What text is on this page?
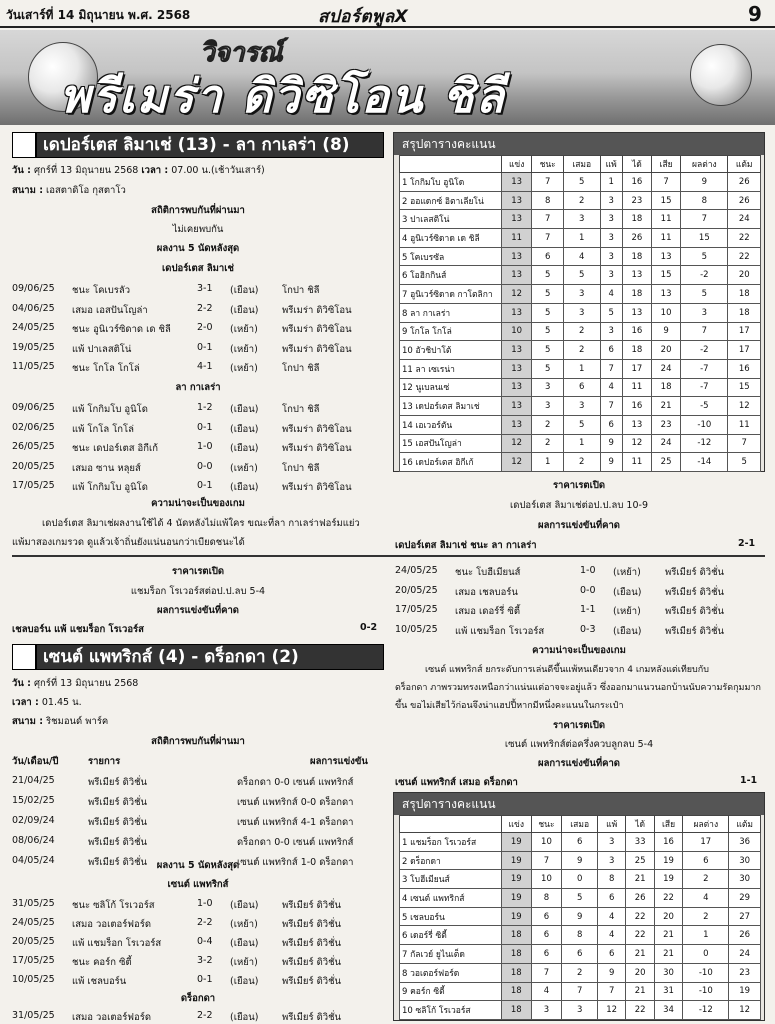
วันเสาร์ที่ 14 มิถุนายน พ.ศ. 2568	สปอร์ตพูลX	9
วิจารณ์
พรีเมร่า ดิวิซิโอน ชิลี
เดปอร์เตส ลิมาเช่ (13) - ลา กาเลร่า (8)
วัน : ศุกร์ที่ 13 มิถุนายน 2568 เวลา : 07.00 น.(เช้าวันเสาร์)
สนาม : เอสตาดิโอ กุสตาโว
สถิติการพบกันที่ผ่านมา
ไม่เคยพบกัน
ผลงาน 5 นัดหลังสุด
เดปอร์เตส ลิมาเช่
09/06/25 ชนะ โคเบรลัว	3-1 (เยือน) โกปา ชิลี
04/06/25 เสมอ เอสปันโญล่า	2-2 (เยือน) พรีเมร่า ดิวิซิโอน
24/05/25 ชนะ อูนิเวร์ซิดาด เด ชิลี	2-0 (เหย้า)	พรีเมร่า ดิวิซิโอน
19/05/25 แพ้ ปาเลสติโน่	0-1 (เหย้า)	พรีเมร่า ดิวิซิโอน
11/05/25 ชนะ โกโล โกโล่	4-1 (เหย้า)	โกปา ชิลี
ลา กาเลร่า
09/06/25 แพ้ โกกิมโบ อูนิโด	1-2 (เยือน) โกปา ชิลี
02/06/25 แพ้ โกโล โกโล่	0-1 (เยือน) พรีเมร่า ดิวิซิโอน
26/05/25 ชนะ เดปอร์เตส อิกีเก้	1-0 (เยือน) พรีเมร่า ดิวิซิโอน
20/05/25 เสมอ ซาน หลุยส์	0-0 (เหย้า)	โกปา ชิลี
17/05/25 แพ้ โกกิมโบ อูนิโด	0-1 (เยือน) พรีเมร่า ดิวิซิโอน
ความน่าจะเป็นของเกม
เดปอร์เตส ลิมาเช่ผลงานใช้ได้ 4 นัดหลังไม่แพ้ใคร ขณะที่ลา กาเลร่าฟอร์มแย่ว
แพ้มาสองเกมรวด ดูแล้วเจ้าถิ่นยังแน่นอนกว่าเบียดชนะได้
สรุปตารางคะแนน
	แข่ง	ชนะ	เสมอ	แพ้	ได้	เสีย	ผลต่าง	แต้ม
1 โกกิมโบ อูนิโด	13	7	5	1	16	7	9	26
2 ออแดกซ์ อิตาเลียโน่	13	8	2	3	23	15	8	26
3 ปาเลสติโน่	13	7	3	3	18	11	7	24
4 อูนิเวร์ซิดาด เด ชิลี	11	7	1	3	26	11	15	22
5 โคเบรซัล	13	6	4	3	18	13	5	22
6 โอฮิกกินส์	13	5	5	3	13	15	-2	20
7 อูนิเวร์ซิดาด กาโตลิกา	12	5	3	4	18	13	5	18
8 ลา กาเลร่า	13	5	3	5	13	10	3	18
9 โกโล โกโล่	10	5	2	3	16	9	7	17
10 อัวชิปาโต้	13	5	2	6	18	20	-2	17
11 ลา เซเรน่า	13	5	1	7	17	24	-7	16
12 นูเบลนเซ่	13	3	6	4	11	18	-7	15
13 เดปอร์เตส ลิมาเช่	13	3	3	7	16	21	-5	12
14 เอเวอร์ตัน	13	2	5	6	13	23	-10	11
15 เอสปันโญล่า	12	2	1	9	12	24	-12	7
16 เดปอร์เตส อิกีเก้	12	1	2	9	11	25	-14	5
ราคาเรตเปิด
เดปอร์เตส ลิมาเช่ต่อป.ป.ลบ 10-9
ผลการแข่งขันที่คาด
เดปอร์เตส ลิมาเช่ ชนะ ลา กาเลร่า	2-1
ราคาเรตเปิด
แชมร็อก โรเวอร์สต่อป.ป.ลบ 5-4
ผลการแข่งขันที่คาด
เชลบอร์น แพ้ แชมร็อก โรเวอร์ส	0-2
24/05/25 ชนะ โบฮีเมียนส์	1-0 (เหย้า)	พรีเมียร์ ดิวิชั่น
20/05/25 เสมอ เชลบอร์น	0-0 (เยือน) พรีเมียร์ ดิวิชั่น
17/05/25 เสมอ เดอร์รี่ ซิตี้	1-1 (เหย้า)	พรีเมียร์ ดิวิชั่น
10/05/25 แพ้ แชมร็อก โรเวอร์ส	0-3 (เยือน) พรีเมียร์ ดิวิชั่น
ความน่าจะเป็นของเกม
เซนต์ แพทริกส์ ยกระดับการเล่นดีขึ้นแพ้หนเดียวจาก 4 เกมหลังแต่เทียบกับ
ดร็อกดา ภาพรวมทรงเหนือกว่าแน่นแต่อาจจะอยู่แล้ว ซึ่งออกมาแนวนอกบ้านนับความรัดกุมมาก
ขึ้น ขอไม่เสียไว้ก่อนจึงน่าแฮปปี้หากมีหนึ่งคะแนนในกระเป๋า
ราคาเรตเปิด
เซนต์ แพทริกส์ต่อครึ่งควบลูกลบ 5-4
ผลการแข่งขันที่คาด
เซนต์ แพทริกส์ เสมอ ดร็อกดา	1-1
เซนต์ แพทริกส์ (4) - ดร็อกดา (2)
วัน : ศุกร์ที่ 13 มิถุนายน 2568
เวลา : 01.45 น.
สนาม : ริชมอนด์ พาร์ค
สถิติการพบกันที่ผ่านมา
วัน/เดือน/ปี	รายการ	ผลการแข่งขัน
21/04/25	พรีเมียร์ ดิวิชั่น	ดร็อกดา 0-0 เซนต์ แพทริกส์
15/02/25	พรีเมียร์ ดิวิชั่น	เซนต์ แพทริกส์ 0-0 ดร็อกดา
02/09/24	พรีเมียร์ ดิวิชั่น	เซนต์ แพทริกส์ 4-1 ดร็อกดา
08/06/24	พรีเมียร์ ดิวิชั่น	ดร็อกดา 0-0 เซนต์ แพทริกส์
04/05/24	พรีเมียร์ ดิวิชั่น	เซนต์ แพทริกส์ 1-0 ดร็อกดา
ผลงาน 5 นัดหลังสุด
เซนต์ แพทริกส์
31/05/25 ชนะ ซลิโก้ โรเวอร์ส	1-0 (เยือน) พรีเมียร์ ดิวิชั่น
24/05/25 เสมอ วอเตอร์ฟอร์ด	2-2 (เหย้า)	พรีเมียร์ ดิวิชั่น
20/05/25 แพ้ แชมร็อก โรเวอร์ส	0-4 (เยือน) พรีเมียร์ ดิวิชั่น
17/05/25 ชนะ คอร์ก ซิตี้	3-2 (เหย้า)	พรีเมียร์ ดิวิชั่น
10/05/25 แพ้ เชลบอร์น	0-1 (เยือน) พรีเมียร์ ดิวิชั่น
ดร็อกดา
31/05/25 เสมอ วอเตอร์ฟอร์ด	2-2 (เยือน) พรีเมียร์ ดิวิชั่น
สรุปตารางคะแนน
	แข่ง	ชนะ	เสมอ	แพ้	ได้	เสีย	ผลต่าง	แต้ม
1 แชมร็อก โรเวอร์ส	19	10	6	3	33	16	17	36
2 ดร็อกดา	19	7	9	3	25	19	6	30
3 โบฮีเมียนส์	19	10	0	8	21	19	2	30
4 เซนต์ แพทริกส์	19	8	5	6	26	22	4	29
5 เชลบอร์น	19	6	9	4	22	20	2	27
6 เดอร์รี่ ซิตี้	18	6	8	4	22	21	1	26
7 กัลเวย์ ยูไนเต็ด	18	6	6	6	21	21	0	24
8 วอเตอร์ฟอร์ด	18	7	2	9	20	30	-10	23
9 คอร์ก ซิตี้	18	4	7	7	21	31	-10	19
10 ซลิโก้ โรเวอร์ส	18	3	3	12	22	34	-12	12
